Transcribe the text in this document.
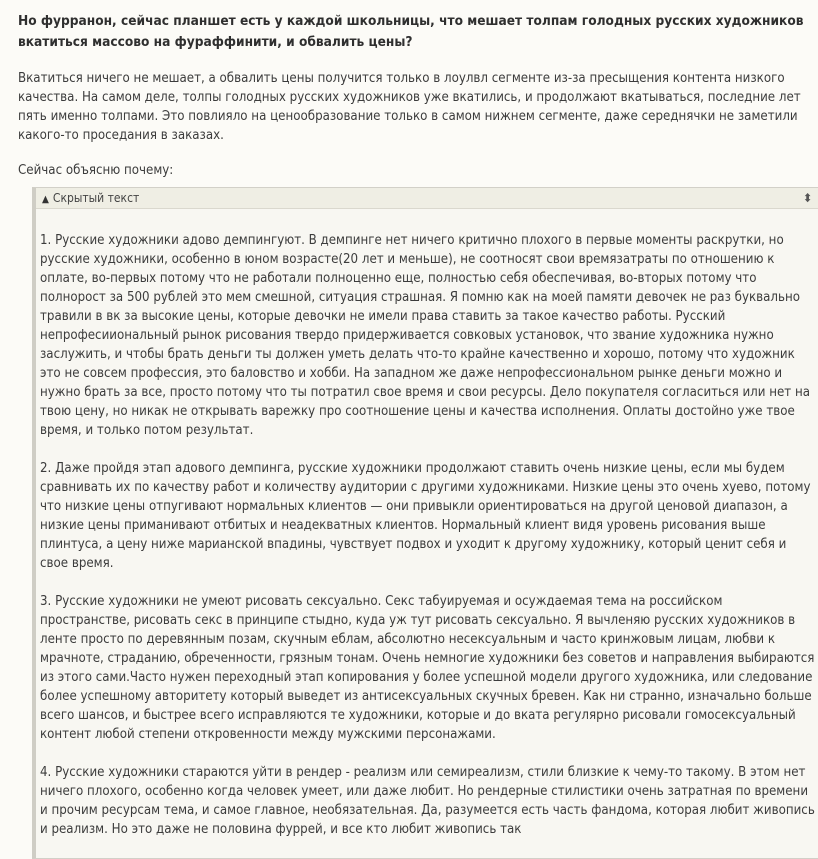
Но фурранон, сейчас планшет есть у каждой школьницы, что мешает толпам голодных русских художников вкатиться массово на фураффинити, и обвалить цены?

Вкатиться ничего не мешает, а обвалить цены получится только в лоулвл сегменте из-за пресыщения контента низкого качества. На самом деле, толпы голодных русских художников уже вкатились, и продолжают вкатываться, последние лет пять именно толпами. Это повлияло на ценообразование только в самом нижнем сегменте, даже середнячки не заметили какого-то проседания в заказах.

Сейчас объясню почему:

▲ Скрытый текст	⬍

1. Русские художники адово демпингуют. В демпинге нет ничего критично плохого в первые моменты раскрутки, но русские художники, особенно в юном возрасте(20 лет и меньше), не соотносят свои времязатраты по отношению к оплате, во-первых потому что не работали полноценно еще, полностью себя обеспечивая, во-вторых потому что полнорост за 500 рублей это мем смешной, ситуация страшная. Я помню как на моей памяти девочек не раз буквально травили в вк за высокие цены, которые девочки не имели права ставить за такое качество работы. Русский непрофесииональный рынок рисования твердо придерживается совковых установок, что звание художника нужно заслужить, и чтобы брать деньги ты должен уметь делать что-то крайне качественно и хорошо, потому что художник это не совсем профессия, это баловство и хобби. На западном же даже непрофессиональном рынке деньги можно и нужно брать за все, просто потому что ты потратил свое время и свои ресурсы. Дело покупателя согласиться или нет на твою цену, но никак не открывать варежку про соотношение цены и качества исполнения. Оплаты достойно уже твое время, и только потом результат.

2. Даже пройдя этап адового демпинга, русские художники продолжают ставить очень низкие цены, если мы будем сравнивать их по качеству работ и количеству аудитории с другими художниками. Низкие цены это очень хуево, потому что низкие цены отпугивают нормальных клиентов — они привыкли ориентироваться на другой ценовой диапазон, а низкие цены приманивают отбитых и неадекватных клиентов. Нормальный клиент видя уровень рисования выше плинтуса, а цену ниже марианской впадины, чувствует подвох и уходит к другому художнику, который ценит себя и свое время.

3. Русские художники не умеют рисовать сексуально. Секс табуируемая и осуждаемая тема на российском пространстве, рисовать секс в принципе стыдно, куда уж тут рисовать сексуально. Я вычленяю русских художников в ленте просто по деревянным позам, скучным еблам, абсолютно несексуальным и часто кринжовым лицам, любви к мрачноте, страданию, обреченности, грязным тонам. Очень немногие художники без советов и направления выбираются из этого сами.Часто нужен переходный этап копирования у более успешной модели другого художника, или следование более успешному авторитету который выведет из антисексуальных скучных бревен. Как ни странно, изначально больше всего шансов, и быстрее всего исправляются те художники, которые и до вката регулярно рисовали гомосексуальный контент любой степени откровенности между мужскими персонажами.

4. Русские художники стараются уйти в рендер - реализм или семиреализм, стили близкие к чему-то такому. В этом нет ничего плохого, особенно когда человек умеет, или даже любит. Но рендерные стилистики очень затратная по времени и прочим ресурсам тема, и самое главное, необязательная. Да, разумеется есть часть фандома, которая любит живопись и реализм. Но это даже не половина фуррей, и все кто любит живопись так
